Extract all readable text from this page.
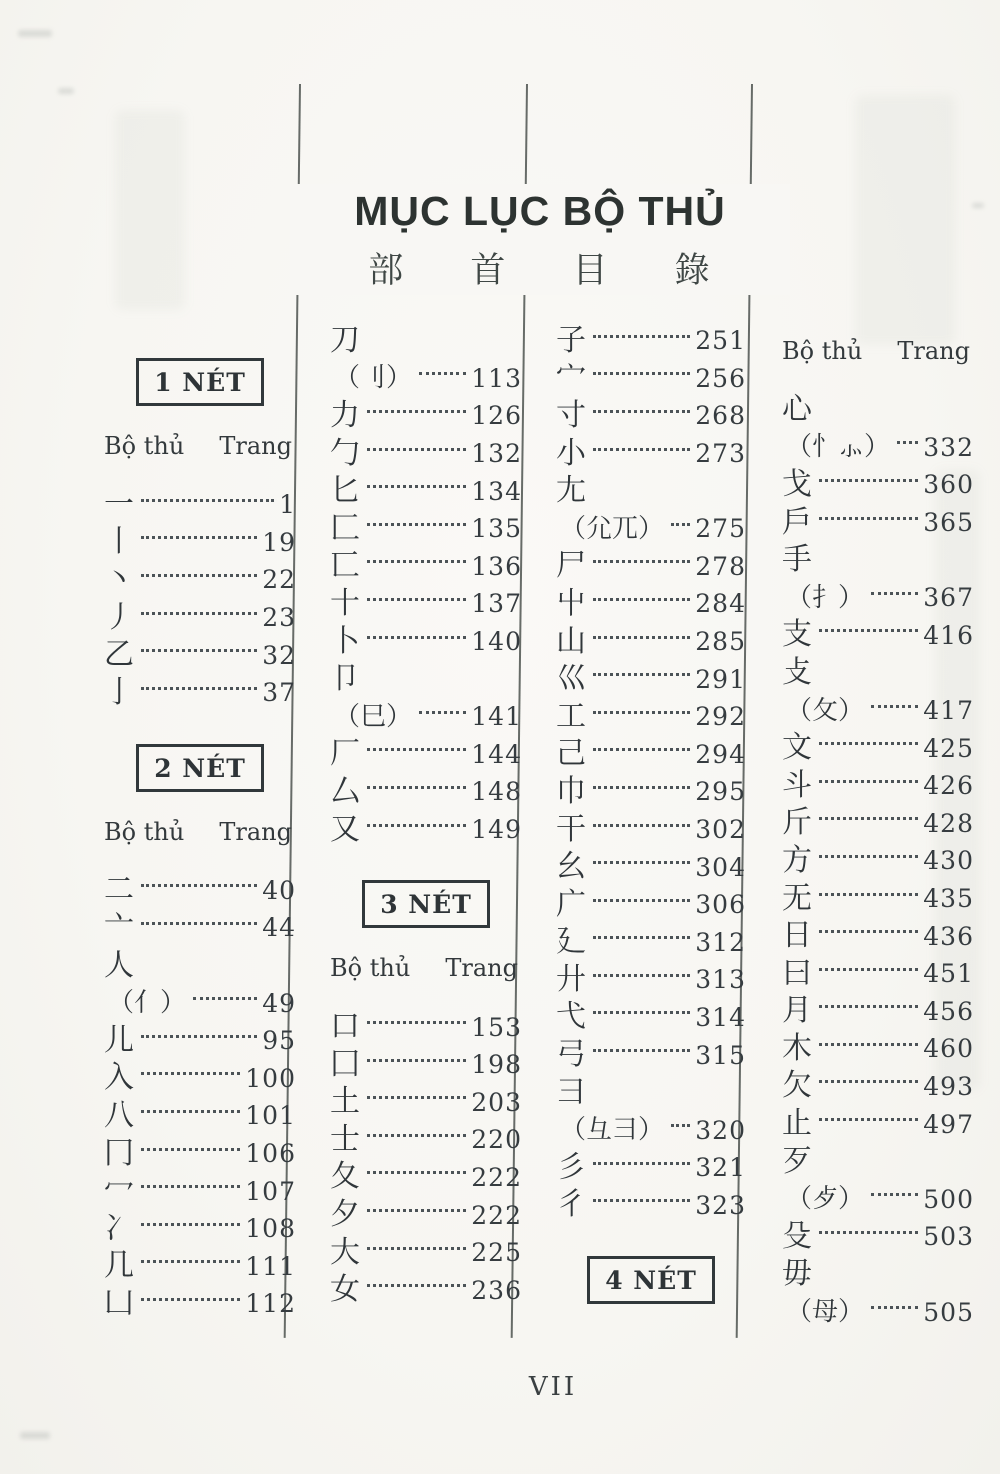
MỤC LỤC BỘ THỦ
部 首 目 錄
1 NÉT
Bộ thủ Trang
一	1
丨	19
丶	22
丿	23
乙	32
亅	37
2 NÉT
Bộ thủ Trang
二	40
亠	44
人
（亻）	49
儿	95
入	100
八	101
冂	106
冖	107
冫	108
几	111
凵	112
刀
（刂） 113
力	126
勹	132
匕	134
匚	135
匸	136
十	137
卜	140
卩
（巳） 141
厂	144
厶	148
又	149
3 NÉT
Bộ thủ Trang
口	153
囗	198
土	203
士	220
夂	222
夕	222
大	225
女	236
子	251
宀	256
寸	268
小	273
尢
（尣兀） 275
尸	278
屮	284
山	285
巛	291
工	292
己	294
巾	295
干	302
幺	304
广	306
廴	312
廾	313
弋	314
弓	315
彐
（彑⺕） 320
彡	321
彳	323
4 NÉT
Bộ thủ Trang
心
（忄⺗） 332
戈	360
戶	365
手
（扌） 367
支	416
攴
（攵） 417
文	425
斗	426
斤	428
方	430
无	435
日	436
曰	451
月	456
木	460
欠	493
止	497
歹
（歺） 500
殳	503
毋
（母） 505
VII
